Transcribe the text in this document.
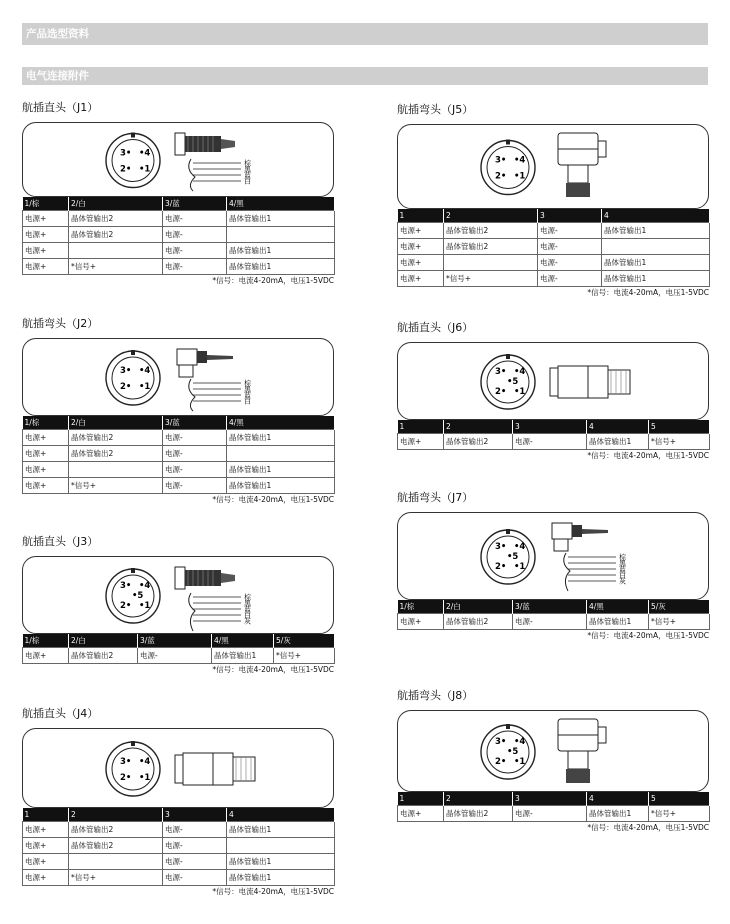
产品选型资料
电气连接附件
航插直头（J1）
3• •4
2• •1
棕
黑
蓝
白
1/棕	2/白	3/蓝	4/黑
电源+	晶体管输出2	电源-	晶体管输出1
电源+	晶体管输出2	电源-	
电源+		电源-	晶体管输出1
电源+	*信号+	电源-	晶体管输出1
*信号：电流4-20mA，电压1-5VDC
航插弯头（J2）
3• •4
2• •1	棕
黑
蓝
白
1/棕	2/白	3/蓝	4/黑
电源+	晶体管输出2	电源-	晶体管输出1
电源+	晶体管输出2	电源-	
电源+		电源-	晶体管输出1
电源+	*信号+	电源-	晶体管输出1
*信号：电流4-20mA，电压1-5VDC
航插直头（J3）
3• •4
•5
2• •1
棕
黑
蓝
白
灰
1/棕	2/白	3/蓝	4/黑	5/灰
电源+	晶体管输出2	电源-	晶体管输出1	*信号+
*信号：电流4-20mA，电压1-5VDC
航插直头（J4）
3• •4
2• •1
1	2	3	4
电源+	晶体管输出2	电源-	晶体管输出1
电源+	晶体管输出2	电源-	
电源+		电源-	晶体管输出1
电源+	*信号+	电源-	晶体管输出1
*信号：电流4-20mA，电压1-5VDC
航插弯头（J5）
3• •4
2• •1
1	2	3	4
电源+	晶体管输出2	电源-	晶体管输出1
电源+	晶体管输出2	电源-	
电源+		电源-	晶体管输出1
电源+	*信号+	电源-	晶体管输出1
*信号：电流4-20mA，电压1-5VDC
航插直头（J6）
3• •4
•5
2• •1
1	2	3	4	5
电源+	晶体管输出2	电源-	晶体管输出1	*信号+
*信号：电流4-20mA，电压1-5VDC
航插弯头（J7）
3• •4
•5
2• •1
棕
黑
蓝
白
灰
1/棕	2/白	3/蓝	4/黑	5/灰
电源+	晶体管输出2	电源-	晶体管输出1	*信号+
*信号：电流4-20mA，电压1-5VDC
航插弯头（J8）
3• •4
•5
2• •1
1	2	3	4	5
电源+	晶体管输出2	电源-	晶体管输出1	*信号+
*信号：电流4-20mA，电压1-5VDC
